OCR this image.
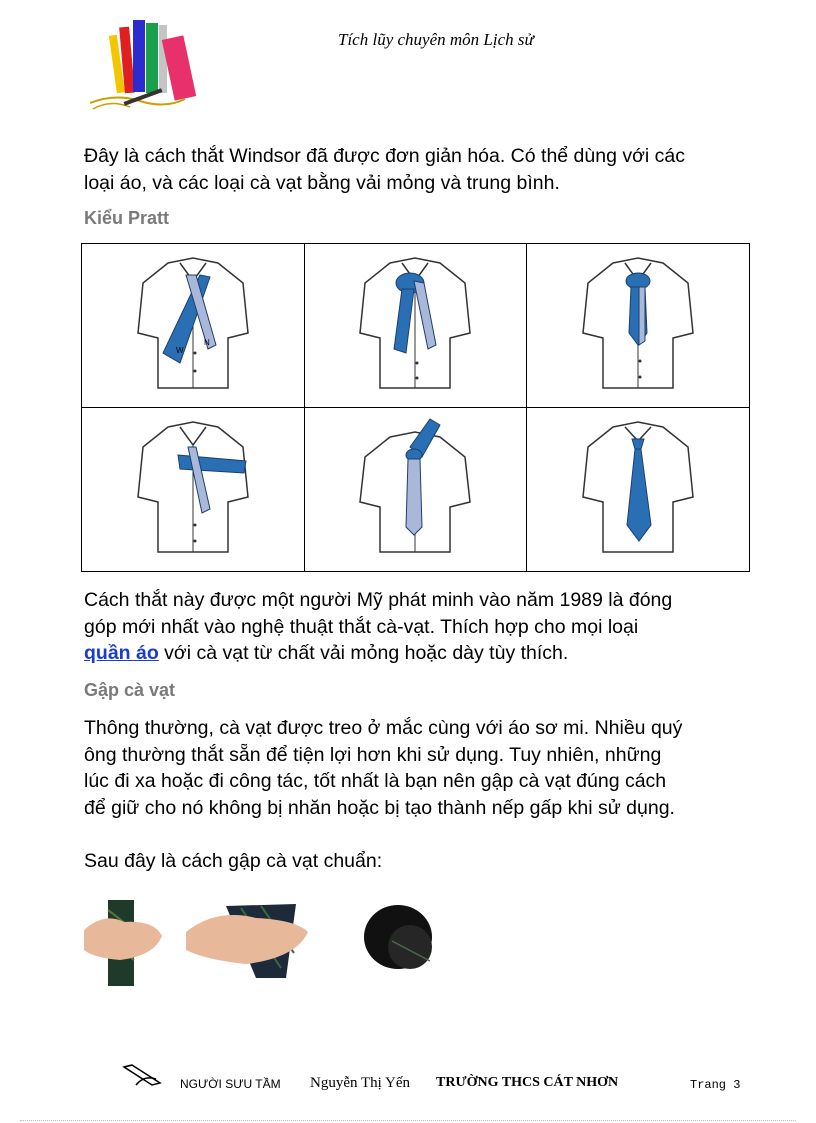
Tích lũy chuyên môn Lịch sử
Đây là cách thắt Windsor đã được đơn giản hóa. Có thể dùng với các
loại áo, và các loại cà vạt bằng vải mỏng và trung bình.
Kiểu Pratt
W
N

Cách thắt này được một người Mỹ phát minh vào năm 1989 là đóng
góp mới nhất vào nghệ thuật thắt cà-vạt. Thích hợp cho mọi loại
quần áo với cà vạt từ chất vải mỏng hoặc dày tùy thích.
Gập cà vạt
Thông thường, cà vạt được treo ở mắc cùng với áo sơ mi. Nhiều quý
ông thường thắt sẵn để tiện lợi hơn khi sử dụng. Tuy nhiên, những
lúc đi xa hoặc đi công tác, tốt nhất là bạn nên gập cà vạt đúng cách
để giữ cho nó không bị nhăn hoặc bị tạo thành nếp gấp khi sử dụng.
Sau đây là cách gập cà vạt chuẩn:
NGƯỜI SƯU TẦM Nguyễn Thị Yến TRƯỜNG THCS CÁT NHƠN	Trang 3
